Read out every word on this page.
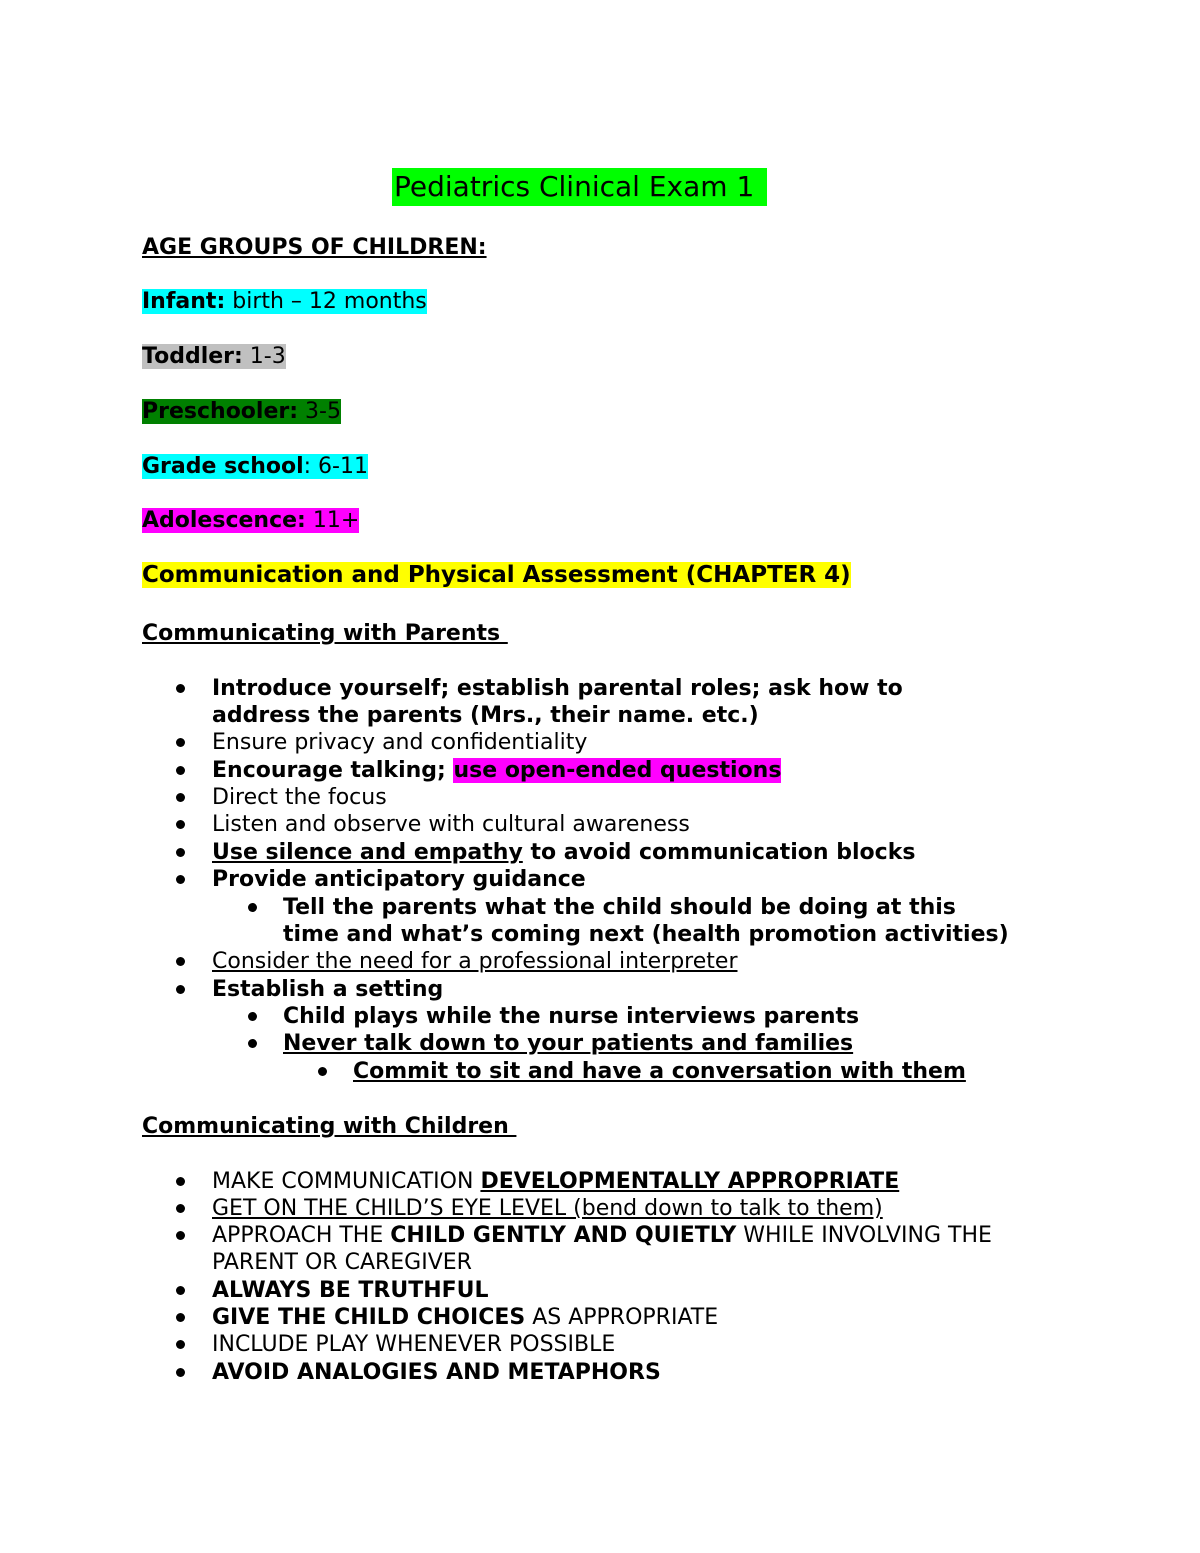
Pediatrics Clinical Exam 1
AGE GROUPS OF CHILDREN:
Infant: birth – 12 months
Toddler: 1-3
Preschooler: 3-5
Grade school: 6-11
Adolescence: 11+
Communication and Physical Assessment (CHAPTER 4)
Communicating with Parents
Introduce yourself; establish parental roles; ask how to
address the parents (Mrs., their name. etc.)
Ensure privacy and confidentiality
Encourage talking; use open-ended questions
Direct the focus
Listen and observe with cultural awareness
Use silence and empathy to avoid communication blocks
Provide anticipatory guidance
Tell the parents what the child should be doing at this
time and what’s coming next (health promotion activities)
Consider the need for a professional interpreter
Establish a setting
Child plays while the nurse interviews parents
Never talk down to your patients and families
Commit to sit and have a conversation with them
Communicating with Children
MAKE COMMUNICATION DEVELOPMENTALLY APPROPRIATE
GET ON THE CHILD’S EYE LEVEL (bend down to talk to them)
APPROACH THE CHILD GENTLY AND QUIETLY WHILE INVOLVING THE
PARENT OR CAREGIVER
ALWAYS BE TRUTHFUL
GIVE THE CHILD CHOICES AS APPROPRIATE
INCLUDE PLAY WHENEVER POSSIBLE
AVOID ANALOGIES AND METAPHORS
